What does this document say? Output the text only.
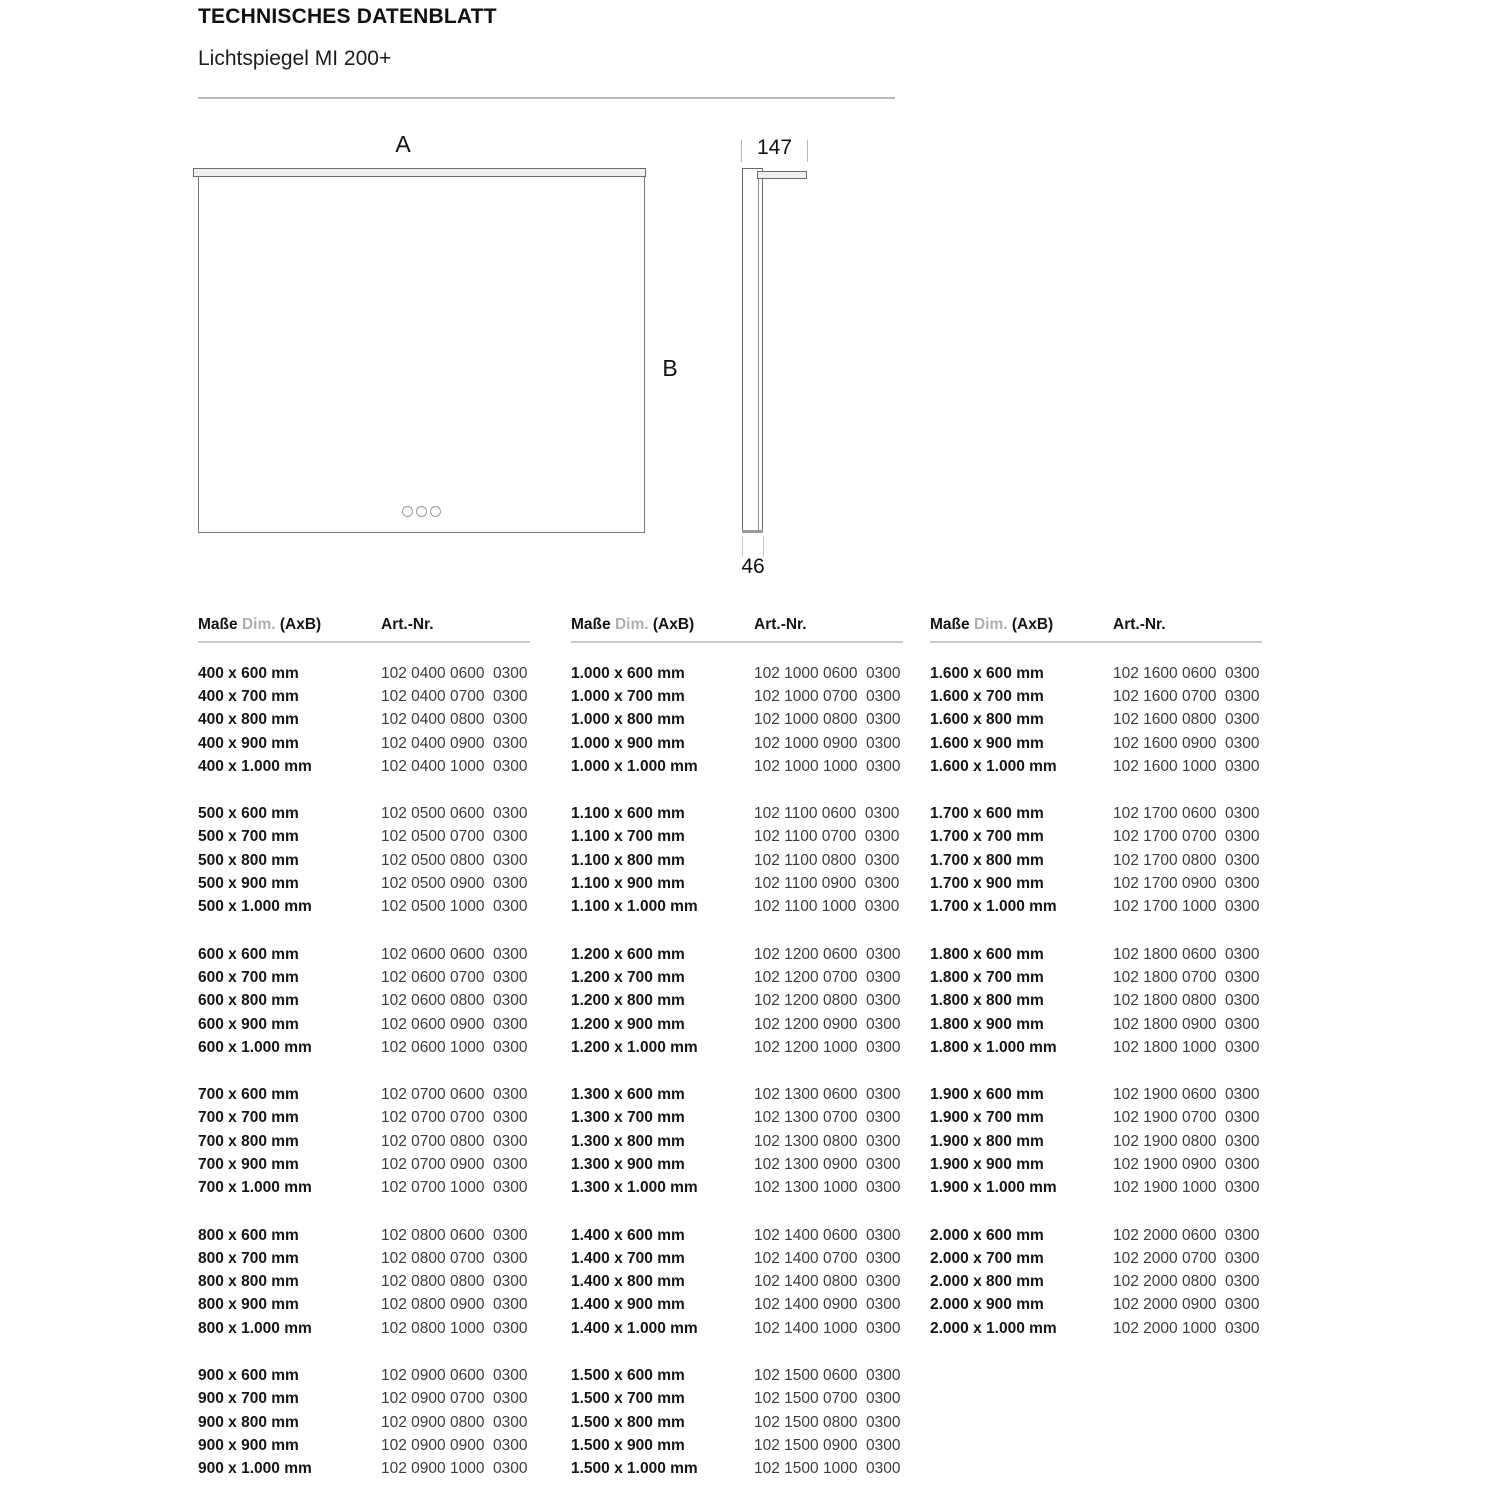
TECHNISCHES DATENBLATT
Lichtspiegel MI 200+
A
B
147
46
Maße Dim. (AxB)	Art.-Nr.
400 x 600 mm	102 0400 0600  0300
400 x 700 mm	102 0400 0700  0300
400 x 800 mm	102 0400 0800  0300
400 x 900 mm	102 0400 0900  0300
400 x 1.000 mm	102 0400 1000  0300
500 x 600 mm	102 0500 0600  0300
500 x 700 mm	102 0500 0700  0300
500 x 800 mm	102 0500 0800  0300
500 x 900 mm	102 0500 0900  0300
500 x 1.000 mm	102 0500 1000  0300
600 x 600 mm	102 0600 0600  0300
600 x 700 mm	102 0600 0700  0300
600 x 800 mm	102 0600 0800  0300
600 x 900 mm	102 0600 0900  0300
600 x 1.000 mm	102 0600 1000  0300
700 x 600 mm	102 0700 0600  0300
700 x 700 mm	102 0700 0700  0300
700 x 800 mm	102 0700 0800  0300
700 x 900 mm	102 0700 0900  0300
700 x 1.000 mm	102 0700 1000  0300
800 x 600 mm	102 0800 0600  0300
800 x 700 mm	102 0800 0700  0300
800 x 800 mm	102 0800 0800  0300
800 x 900 mm	102 0800 0900  0300
800 x 1.000 mm	102 0800 1000  0300
900 x 600 mm	102 0900 0600  0300
900 x 700 mm	102 0900 0700  0300
900 x 800 mm	102 0900 0800  0300
900 x 900 mm	102 0900 0900  0300
900 x 1.000 mm	102 0900 1000  0300
Maße Dim. (AxB)	Art.-Nr.
1.000 x 600 mm	102 1000 0600  0300
1.000 x 700 mm	102 1000 0700  0300
1.000 x 800 mm	102 1000 0800  0300
1.000 x 900 mm	102 1000 0900  0300
1.000 x 1.000 mm	102 1000 1000  0300
1.100 x 600 mm	102 1100 0600  0300
1.100 x 700 mm	102 1100 0700  0300
1.100 x 800 mm	102 1100 0800  0300
1.100 x 900 mm	102 1100 0900  0300
1.100 x 1.000 mm	102 1100 1000  0300
1.200 x 600 mm	102 1200 0600  0300
1.200 x 700 mm	102 1200 0700  0300
1.200 x 800 mm	102 1200 0800  0300
1.200 x 900 mm	102 1200 0900  0300
1.200 x 1.000 mm	102 1200 1000  0300
1.300 x 600 mm	102 1300 0600  0300
1.300 x 700 mm	102 1300 0700  0300
1.300 x 800 mm	102 1300 0800  0300
1.300 x 900 mm	102 1300 0900  0300
1.300 x 1.000 mm	102 1300 1000  0300
1.400 x 600 mm	102 1400 0600  0300
1.400 x 700 mm	102 1400 0700  0300
1.400 x 800 mm	102 1400 0800  0300
1.400 x 900 mm	102 1400 0900  0300
1.400 x 1.000 mm	102 1400 1000  0300
1.500 x 600 mm	102 1500 0600  0300
1.500 x 700 mm	102 1500 0700  0300
1.500 x 800 mm	102 1500 0800  0300
1.500 x 900 mm	102 1500 0900  0300
1.500 x 1.000 mm	102 1500 1000  0300
Maße Dim. (AxB)	Art.-Nr.
1.600 x 600 mm	102 1600 0600  0300
1.600 x 700 mm	102 1600 0700  0300
1.600 x 800 mm	102 1600 0800  0300
1.600 x 900 mm	102 1600 0900  0300
1.600 x 1.000 mm	102 1600 1000  0300
1.700 x 600 mm	102 1700 0600  0300
1.700 x 700 mm	102 1700 0700  0300
1.700 x 800 mm	102 1700 0800  0300
1.700 x 900 mm	102 1700 0900  0300
1.700 x 1.000 mm	102 1700 1000  0300
1.800 x 600 mm	102 1800 0600  0300
1.800 x 700 mm	102 1800 0700  0300
1.800 x 800 mm	102 1800 0800  0300
1.800 x 900 mm	102 1800 0900  0300
1.800 x 1.000 mm	102 1800 1000  0300
1.900 x 600 mm	102 1900 0600  0300
1.900 x 700 mm	102 1900 0700  0300
1.900 x 800 mm	102 1900 0800  0300
1.900 x 900 mm	102 1900 0900  0300
1.900 x 1.000 mm	102 1900 1000  0300
2.000 x 600 mm	102 2000 0600  0300
2.000 x 700 mm	102 2000 0700  0300
2.000 x 800 mm	102 2000 0800  0300
2.000 x 900 mm	102 2000 0900  0300
2.000 x 1.000 mm	102 2000 1000  0300
